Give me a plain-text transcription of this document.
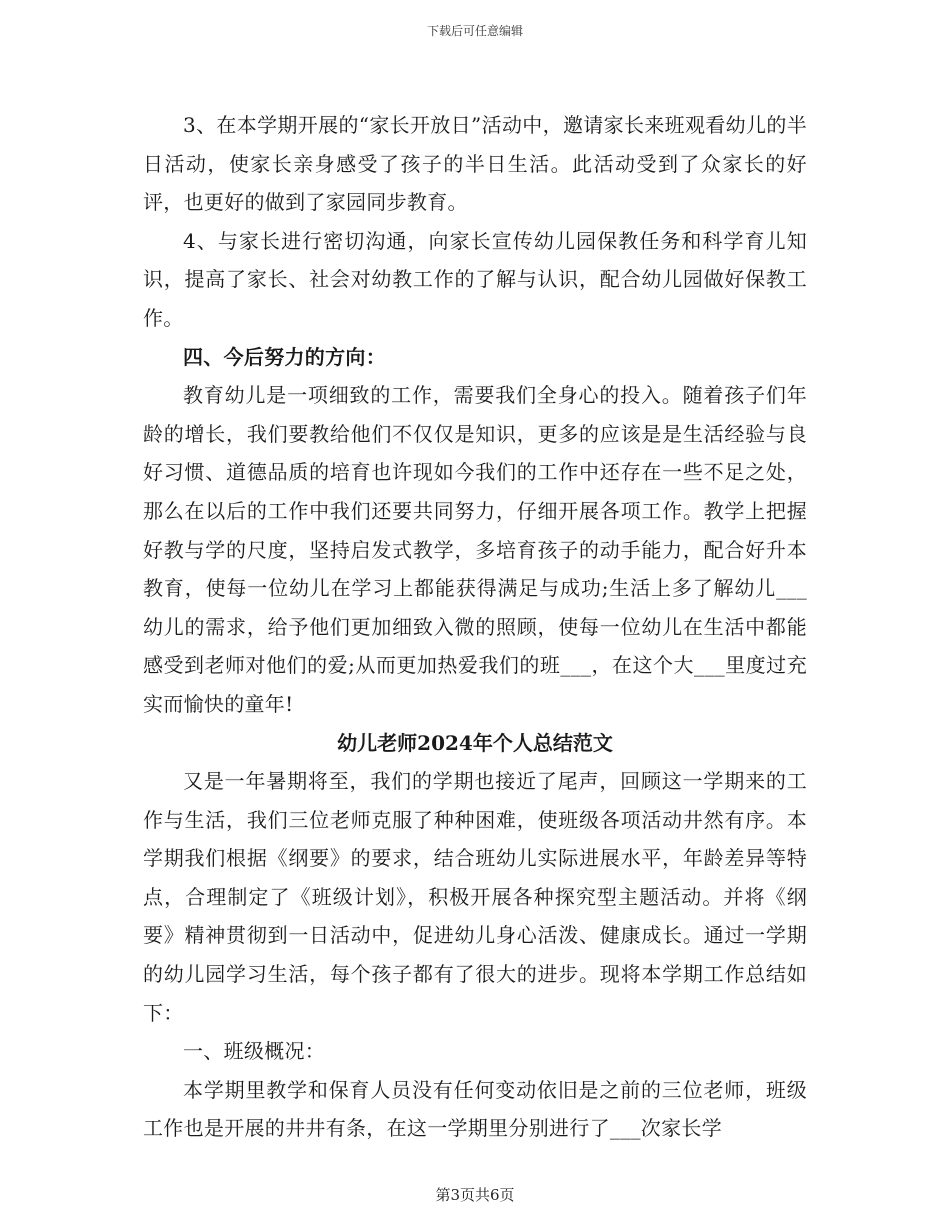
下载后可任意编辑

3、在本学期开展的“家长开放日”活动中，邀请家长来班观看幼儿的半日活动，使家长亲身感受了孩子的半日生活。此活动受到了众家长的好评，也更好的做到了家园同步教育。

4、与家长进行密切沟通，向家长宣传幼儿园保教任务和科学育儿知识，提高了家长、社会对幼教工作的了解与认识，配合幼儿园做好保教工作。

四、今后努力的方向：

教育幼儿是一项细致的工作，需要我们全身心的投入。随着孩子们年龄的增长，我们要教给他们不仅仅是知识，更多的应该是是生活经验与良好习惯、道德品质的培育也许现如今我们的工作中还存在一些不足之处，那么在以后的工作中我们还要共同努力，仔细开展各项工作。教学上把握好教与学的尺度，坚持启发式教学，多培育孩子的动手能力，配合好升本教育，使每一位幼儿在学习上都能获得满足与成功;生活上多了解幼儿___幼儿的需求，给予他们更加细致入微的照顾，使每一位幼儿在生活中都能感受到老师对他们的爱;从而更加热爱我们的班___，在这个大___里度过充实而愉快的童年!

幼儿老师2024年个人总结范文

又是一年暑期将至，我们的学期也接近了尾声，回顾这一学期来的工作与生活，我们三位老师克服了种种困难，使班级各项活动井然有序。本学期我们根据《纲要》的要求，结合班幼儿实际进展水平，年龄差异等特点，合理制定了《班级计划》，积极开展各种探究型主题活动。并将《纲要》精神贯彻到一日活动中，促进幼儿身心活泼、健康成长。通过一学期的幼儿园学习生活，每个孩子都有了很大的进步。现将本学期工作总结如下：

一、班级概况：

本学期里教学和保育人员没有任何变动依旧是之前的三位老师，班级工作也是开展的井井有条，在这一学期里分别进行了___次家长学

第3页共6页
